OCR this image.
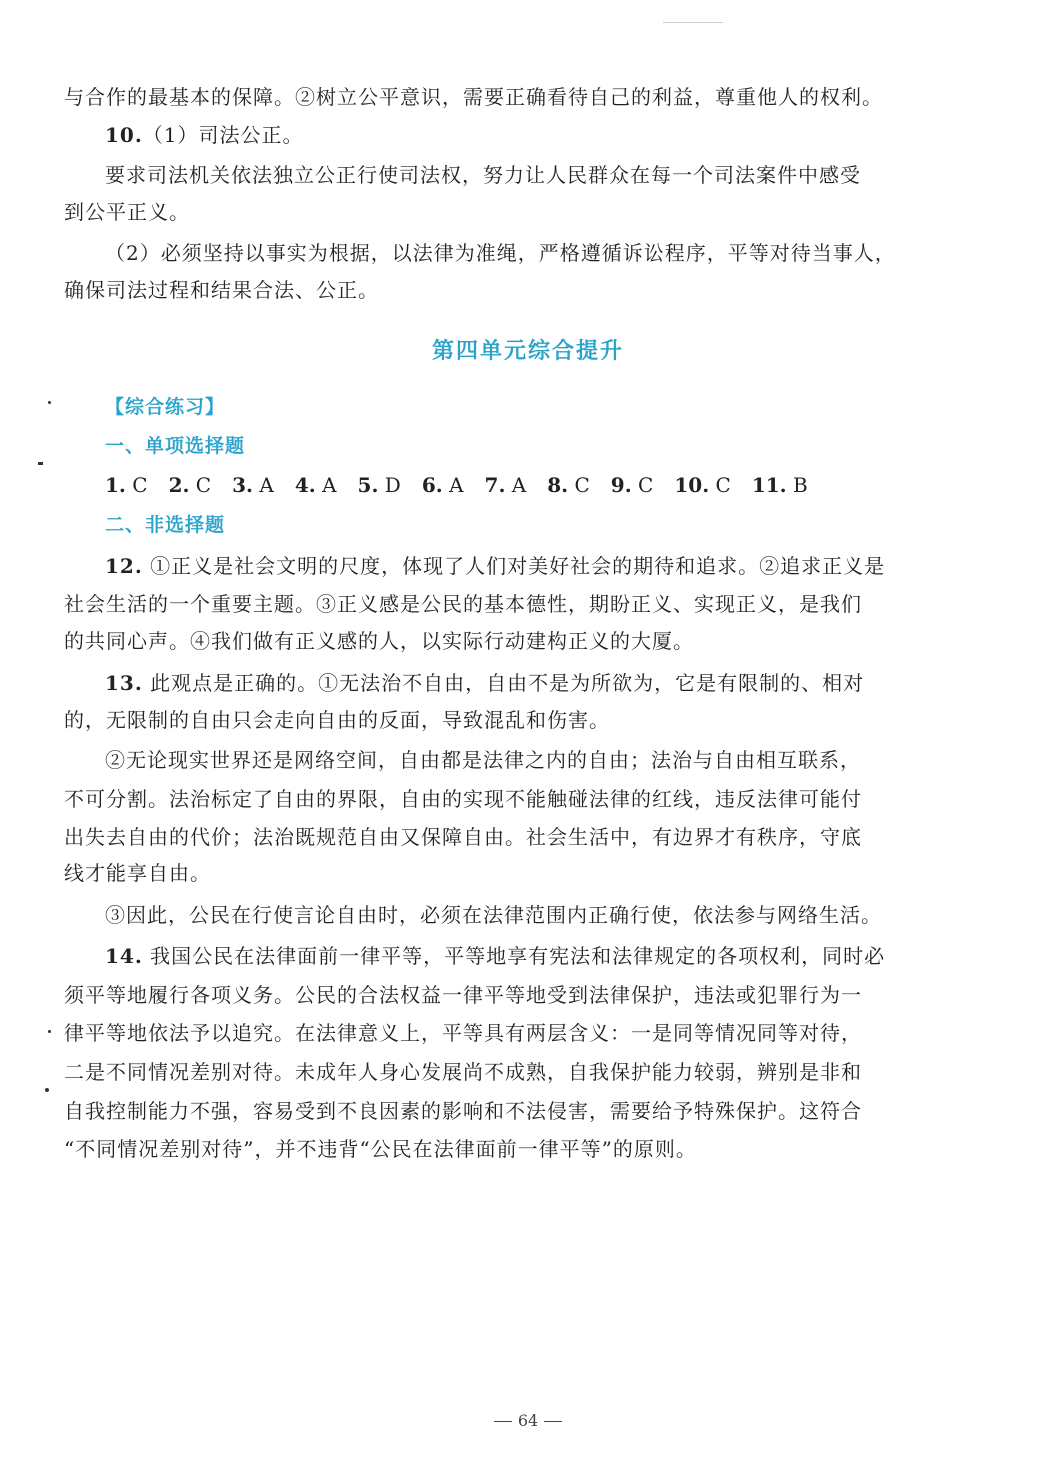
与合作的最基本的保障。②树立公平意识，需要正确看待自己的利益，尊重他人的权利。

10.（1）司法公正。

要求司法机关依法独立公正行使司法权，努力让人民群众在每一个司法案件中感受

到公平正义。

（2）必须坚持以事实为根据，以法律为准绳，严格遵循诉讼程序，平等对待当事人，

确保司法过程和结果合法、公正。

第四单元综合提升
【综合练习】
一、单项选择题
1. C 2. C 3. A 4. A 5. D 6. A 7. A 8. C 9. C 10. C 11. B
二、非选择题

12. ①正义是社会文明的尺度，体现了人们对美好社会的期待和追求。②追求正义是

社会生活的一个重要主题。③正义感是公民的基本德性，期盼正义、实现正义，是我们

的共同心声。④我们做有正义感的人，以实际行动建构正义的大厦。

13. 此观点是正确的。①无法治不自由，自由不是为所欲为，它是有限制的、相对

的，无限制的自由只会走向自由的反面，导致混乱和伤害。

②无论现实世界还是网络空间，自由都是法律之内的自由；法治与自由相互联系，

不可分割。法治标定了自由的界限，自由的实现不能触碰法律的红线，违反法律可能付

出失去自由的代价；法治既规范自由又保障自由。社会生活中，有边界才有秩序，守底

线才能享自由。

③因此，公民在行使言论自由时，必须在法律范围内正确行使，依法参与网络生活。

14. 我国公民在法律面前一律平等，平等地享有宪法和法律规定的各项权利，同时必

须平等地履行各项义务。公民的合法权益一律平等地受到法律保护，违法或犯罪行为一

律平等地依法予以追究。在法律意义上，平等具有两层含义：一是同等情况同等对待，

二是不同情况差别对待。未成年人身心发展尚不成熟，自我保护能力较弱，辨别是非和

自我控制能力不强，容易受到不良因素的影响和不法侵害，需要给予特殊保护。这符合

“不同情况差别对待”，并不违背“公民在法律面前一律平等”的原则。

64
